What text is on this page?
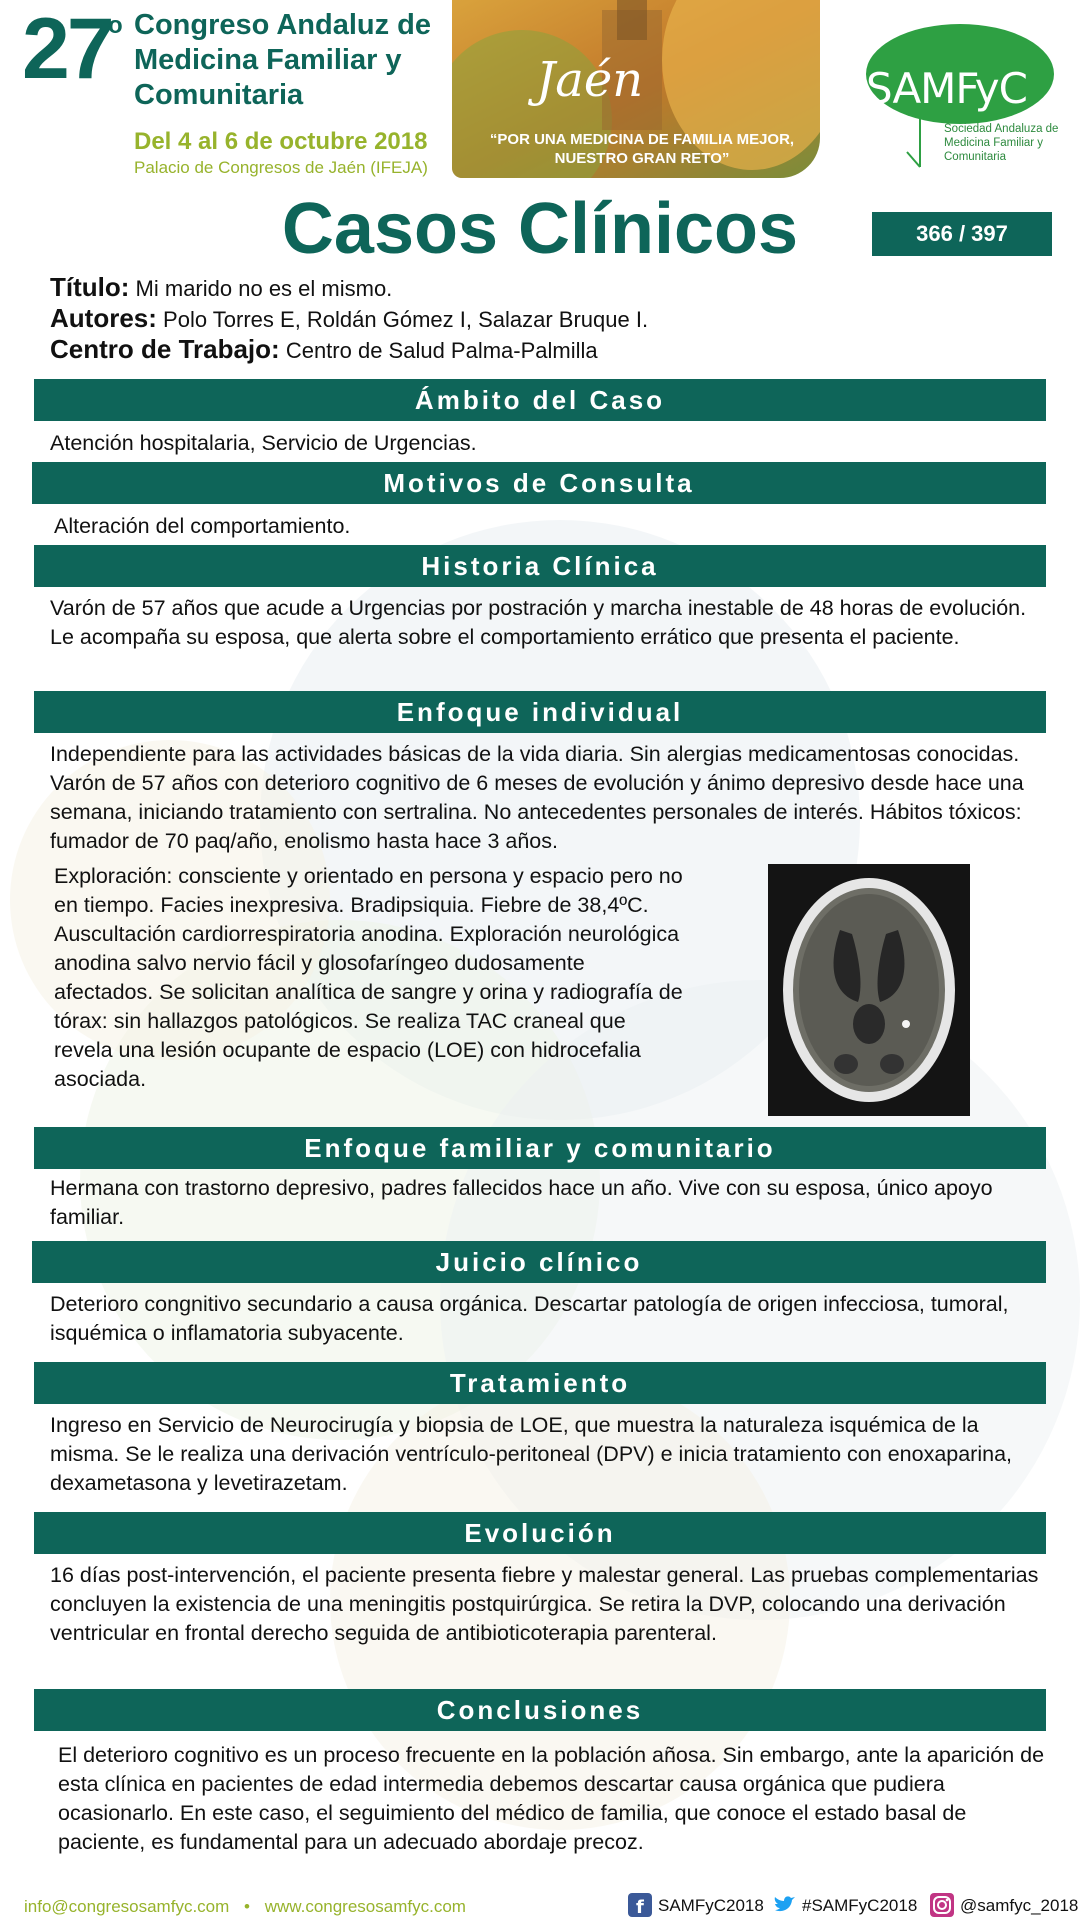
27
o Congreso Andaluz de Medicina Familiar y Comunitaria
Del 4 al 6 de octubre 2018
Palacio de Congresos de Jaén (IFEJA)
Jaén
“POR UNA MEDICINA DE FAMILIA MEJOR, NUESTRO GRAN RETO”
SAMFyC
Sociedad Andaluza de Medicina Familiar y Comunitaria
Casos Clínicos	366 / 397
Título: Mi marido no es el mismo.
Autores: Polo Torres E, Roldán Gómez I, Salazar Bruque I.
Centro de Trabajo: Centro de Salud Palma-Palmilla
Ámbito del Caso
Atención hospitalaria, Servicio de Urgencias.
Motivos de Consulta
Alteración del comportamiento.
Historia Clínica
Varón de 57 años que acude a Urgencias por postración y marcha inestable de 48 horas de evolución. Le acompaña su esposa, que alerta sobre el comportamiento errático que presenta el paciente.
Enfoque individual
Independiente para las actividades básicas de la vida diaria. Sin alergias medicamentosas conocidas. Varón de 57 años con deterioro cognitivo de 6 meses de evolución y ánimo depresivo desde hace una semana, iniciando tratamiento con sertralina. No antecedentes personales de interés. Hábitos tóxicos: fumador de 70 paq/año, enolismo hasta hace 3 años.
Exploración: consciente y orientado en persona y espacio pero no en tiempo. Facies inexpresiva. Bradipsiquia. Fiebre de 38,4ºC. Auscultación cardiorrespiratoria anodina. Exploración neurológica anodina salvo nervio fácil y glosofaríngeo dudosamente afectados. Se solicitan analítica de sangre y orina y radiografía de tórax: sin hallazgos patológicos. Se realiza TAC craneal que revela una lesión ocupante de espacio (LOE) con hidrocefalia asociada.
Enfoque familiar y comunitario
Hermana con trastorno depresivo, padres fallecidos hace un año. Vive con su esposa, único apoyo familiar.
Juicio clínico
Deterioro congnitivo secundario a causa orgánica. Descartar patología de origen infecciosa, tumoral, isquémica o inflamatoria subyacente.
Tratamiento
Ingreso en Servicio de Neurocirugía y biopsia de LOE, que muestra la naturaleza isquémica de la misma. Se le realiza una derivación ventrículo-peritoneal (DPV) e inicia tratamiento con enoxaparina, dexametasona y levetirazetam.
Evolución
16 días post-intervención, el paciente presenta fiebre y malestar general. Las pruebas complementarias concluyen la existencia de una meningitis postquirúrgica. Se retira la DVP, colocando una derivación ventricular en frontal derecho seguida de antibioticoterapia parenteral.
Conclusiones
El deterioro cognitivo es un proceso frecuente en la población añosa. Sin embargo, ante la aparición de esta clínica en pacientes de edad intermedia debemos descartar causa orgánica que pudiera ocasionarlo. En este caso, el seguimiento del médico de familia, que conoce el estado basal de paciente, es fundamental para un adecuado abordaje precoz.
info@congresosamfyc.com • www.congresosamfyc.com	f SAMFyC2018 #SAMFyC2018	@samfyc_2018
